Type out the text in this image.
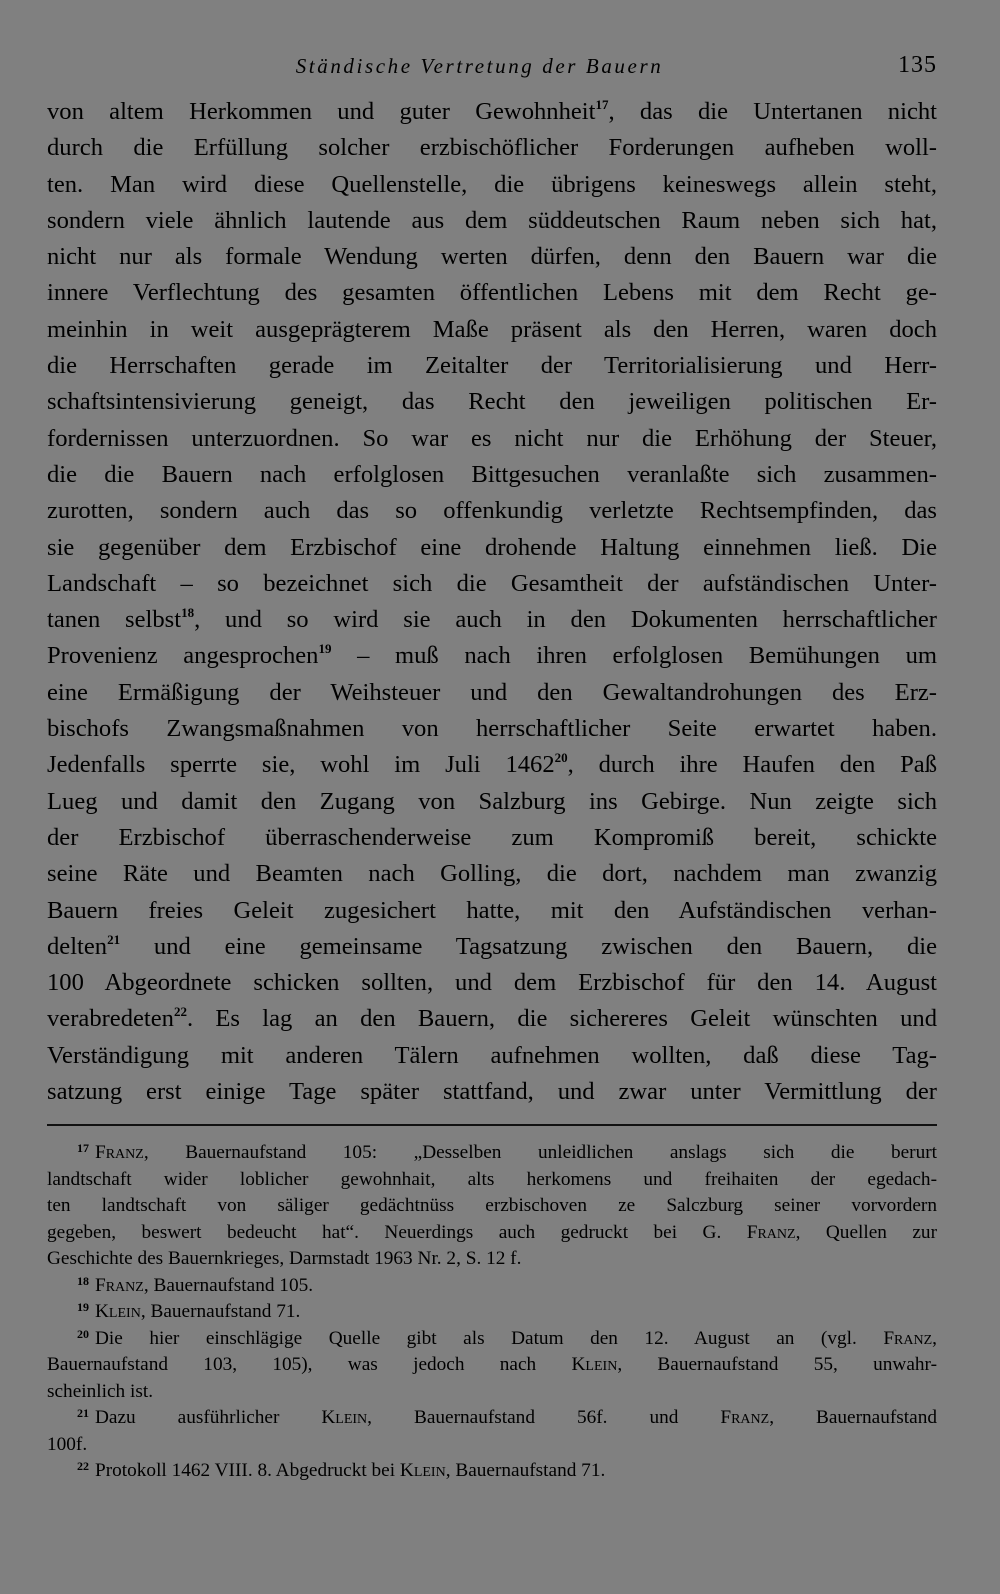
Ständische Vertretung der Bauern	135
von altem Herkommen und guter Gewohnheit$^{17}$, das die Untertanen nicht
durch die Erfüllung solcher erzbischöflicher Forderungen aufheben woll-
ten. Man wird diese Quellenstelle, die übrigens keineswegs allein steht,
sondern viele ähnlich lautende aus dem süddeutschen Raum neben sich hat,
nicht nur als formale Wendung werten dürfen, denn den Bauern war die
innere Verflechtung des gesamten öffentlichen Lebens mit dem Recht ge-
meinhin in weit ausgeprägterem Maße präsent als den Herren, waren doch
die Herrschaften gerade im Zeitalter der Territorialisierung und Herr-
schaftsintensivierung geneigt, das Recht den jeweiligen politischen Er-
fordernissen unterzuordnen. So war es nicht nur die Erhöhung der Steuer,
die die Bauern nach erfolglosen Bittgesuchen veranlaßte sich zusammen-
zurotten, sondern auch das so offenkundig verletzte Rechtsempfinden, das
sie gegenüber dem Erzbischof eine drohende Haltung einnehmen ließ. Die
Landschaft – so bezeichnet sich die Gesamtheit der aufständischen Unter-
tanen selbst$^{18}$, und so wird sie auch in den Dokumenten herrschaftlicher
Provenienz angesprochen$^{19}$ – muß nach ihren erfolglosen Bemühungen um
eine Ermäßigung der Weihsteuer und den Gewaltandrohungen des Erz-
bischofs Zwangsmaßnahmen von herrschaftlicher Seite erwartet haben.
Jedenfalls sperrte sie, wohl im Juli 1462$^{20}$, durch ihre Haufen den Paß
Lueg und damit den Zugang von Salzburg ins Gebirge. Nun zeigte sich
der Erzbischof überraschenderweise zum Kompromiß bereit, schickte
seine Räte und Beamten nach Golling, die dort, nachdem man zwanzig
Bauern freies Geleit zugesichert hatte, mit den Aufständischen verhan-
delten$^{21}$ und eine gemeinsame Tagsatzung zwischen den Bauern, die
100 Abgeordnete schicken sollten, und dem Erzbischof für den 14. August
verabredeten$^{22}$. Es lag an den Bauern, die sichereres Geleit wünschten und
Verständigung mit anderen Tälern aufnehmen wollten, daß diese Tag-
satzung erst einige Tage später stattfand, und zwar unter Vermittlung der
$^{17}$ Franz, Bauernaufstand 105: „Desselben unleidlichen anslags sich die berurt
landtschaft wider loblicher gewohnhait, alts herkomens und freihaiten der egedach-
ten landtschaft von säliger gedächtnüss erzbischoven ze Salczburg seiner vorvordern
gegeben, beswert bedeucht hat“. Neuerdings auch gedruckt bei G. Franz, Quellen zur
Geschichte des Bauernkrieges, Darmstadt 1963 Nr. 2, S. 12 f.
$^{18}$ Franz, Bauernaufstand 105.
$^{19}$ Klein, Bauernaufstand 71.
$^{20}$ Die hier einschlägige Quelle gibt als Datum den 12. August an (vgl. Franz,
Bauernaufstand 103, 105), was jedoch nach Klein, Bauernaufstand 55, unwahr-
scheinlich ist.
$^{21}$ Dazu ausführlicher Klein, Bauernaufstand 56f. und Franz, Bauernaufstand
100f.
$^{22}$ Protokoll 1462 VIII. 8. Abgedruckt bei Klein, Bauernaufstand 71.
